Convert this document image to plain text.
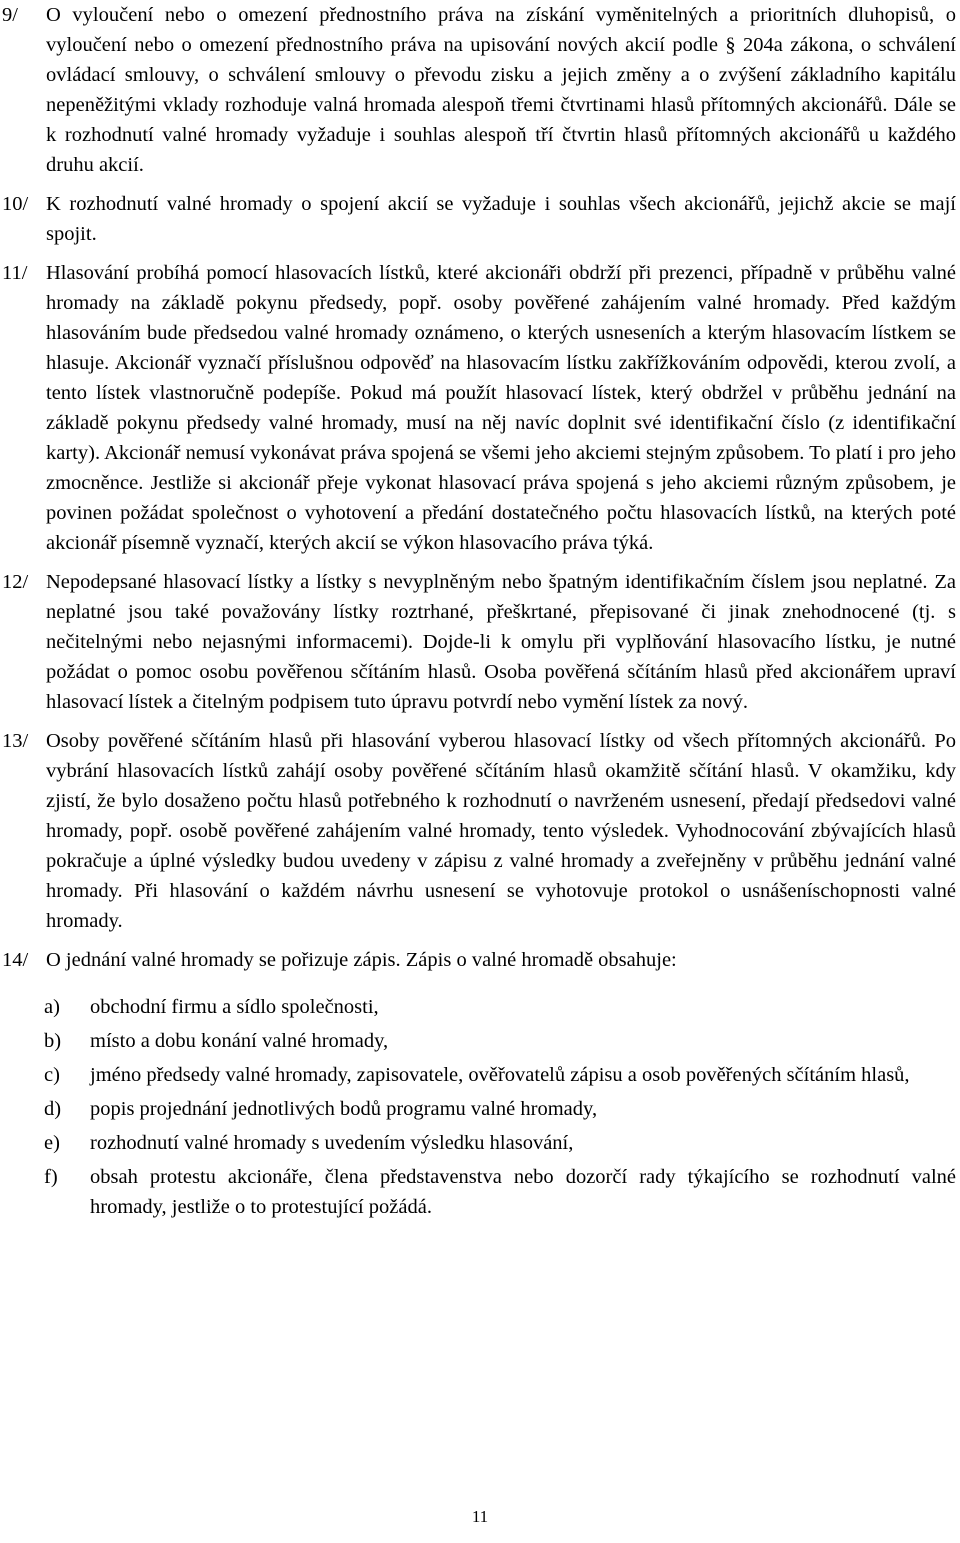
9/	O vyloučení nebo o omezení přednostního práva na získání vyměnitelných a prioritních dluhopisů, o vyloučení nebo o omezení přednostního práva na upisování nových akcií podle § 204a zákona, o schválení ovládací smlouvy, o schválení smlouvy o převodu zisku a jejich změny a o zvýšení základního kapitálu nepeněžitými vklady rozhoduje valná hromada alespoň třemi čtvrtinami hlasů přítomných akcionářů. Dále se k rozhodnutí valné hromady vyžaduje i souhlas alespoň tří čtvrtin hlasů přítomných akcionářů u každého druhu akcií.

10/ K rozhodnutí valné hromady o spojení akcií se vyžaduje i souhlas všech akcionářů, jejichž akcie se mají spojit.

11/ Hlasování probíhá pomocí hlasovacích lístků, které akcionáři obdrží při prezenci, případně v průběhu valné hromady na základě pokynu předsedy, popř. osoby pověřené zahájením valné hromady. Před každým hlasováním bude předsedou valné hromady oznámeno, o kterých usneseních a kterým hlasovacím lístkem se hlasuje. Akcionář vyznačí příslušnou odpověď na hlasovacím lístku zakřížkováním odpovědi, kterou zvolí, a tento lístek vlastnoručně podepíše. Pokud má použít hlasovací lístek, který obdržel v průběhu jednání na základě pokynu předsedy valné hromady, musí na něj navíc doplnit své identifikační číslo (z identifikační karty). Akcionář nemusí vykonávat práva spojená se všemi jeho akciemi stejným způsobem. To platí i pro jeho zmocněnce. Jestliže si akcionář přeje vykonat hlasovací práva spojená s jeho akciemi různým způsobem, je povinen požádat společnost o vyhotovení a předání dostatečného počtu hlasovacích lístků, na kterých poté akcionář písemně vyznačí, kterých akcií se výkon hlasovacího práva týká.

12/ Nepodepsané hlasovací lístky a lístky s nevyplněným nebo špatným identifikačním číslem jsou neplatné. Za neplatné jsou také považovány lístky roztrhané, přeškrtané, přepisované či jinak znehodnocené (tj. s nečitelnými nebo nejasnými informacemi). Dojde-li k omylu při vyplňování hlasovacího lístku, je nutné požádat o pomoc osobu pověřenou sčítáním hlasů. Osoba pověřená sčítáním hlasů před akcionářem upraví hlasovací lístek a čitelným podpisem tuto úpravu potvrdí nebo vymění lístek za nový.

13/ Osoby pověřené sčítáním hlasů při hlasování vyberou hlasovací lístky od všech přítomných akcionářů. Po vybrání hlasovacích lístků zahájí osoby pověřené sčítáním hlasů okamžitě sčítání hlasů. V okamžiku, kdy zjistí, že bylo dosaženo počtu hlasů potřebného k rozhodnutí o navrženém usnesení, předají předsedovi valné hromady, popř. osobě pověřené zahájením valné hromady, tento výsledek. Vyhodnocování zbývajících hlasů pokračuje a úplné výsledky budou uvedeny v zápisu z valné hromady a zveřejněny v průběhu jednání valné hromady. Při hlasování o každém návrhu usnesení se vyhotovuje protokol o usnášeníschopnosti valné hromady.

14/ O jednání valné hromady se pořizuje zápis. Zápis o valné hromadě obsahuje:

a)	obchodní firmu a sídlo společnosti,
b)	místo a dobu konání valné hromady,
c)	jméno předsedy valné hromady, zapisovatele, ověřovatelů zápisu a osob pověřených sčítáním hlasů,
d)	popis projednání jednotlivých bodů programu valné hromady,
e)	rozhodnutí valné hromady s uvedením výsledku hlasování,
f)	obsah protestu akcionáře, člena představenstva nebo dozorčí rady týkajícího se rozhodnutí valné hromady, jestliže o to protestující požádá.
11
